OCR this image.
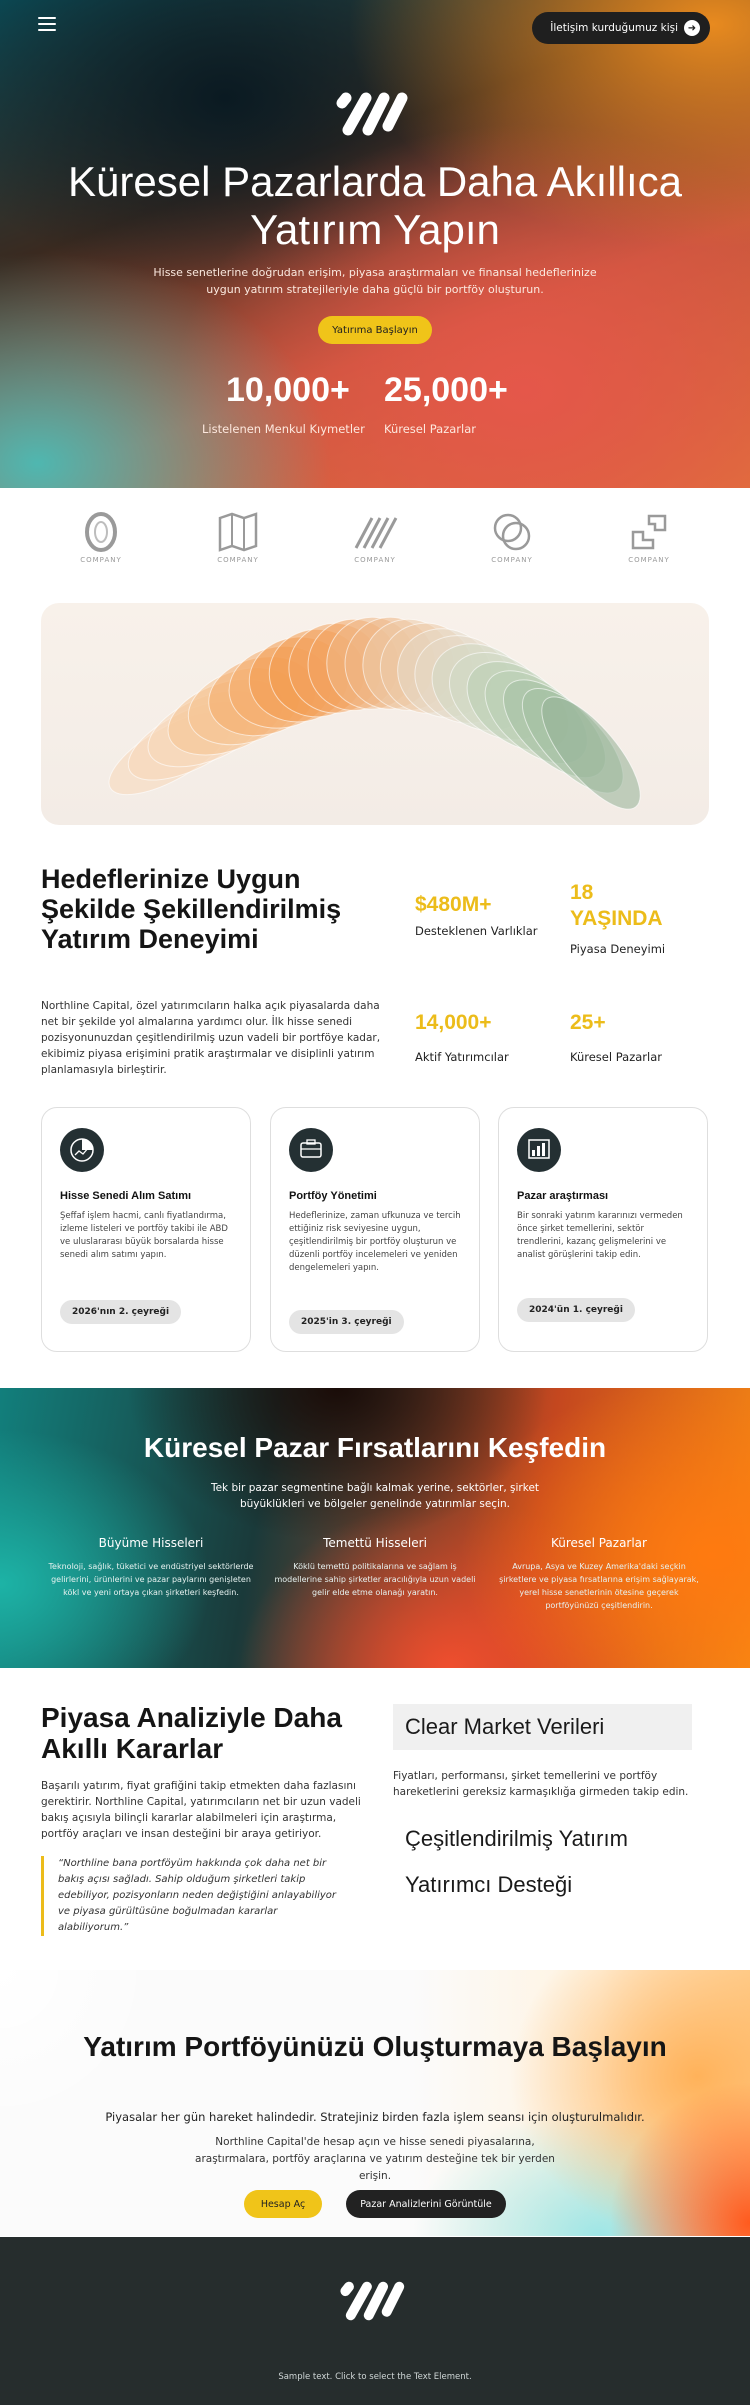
İletişim kurduğumuz kişi ➜
Küresel Pazarlarda Daha Akıllıca Yatırım Yapın

Hisse senetlerine doğrudan erişim, piyasa araştırmaları ve finansal hedeflerinize uygun yatırım stratejileriyle daha güçlü bir portföy oluşturun.

Yatırıma Başlayın
10,000+
Listelenen Menkul Kıymetler
25,000+
Küresel Pazarlar
COMPANY	COMPANY	COMPANY	COMPANY	COMPANY
Hedeflerinize Uygun Şekilde Şekillendirilmiş Yatırım Deneyimi

Northline Capital, özel yatırımcıların halka açık piyasalarda daha net bir şekilde yol almalarına yardımcı olur. İlk hisse senedi pozisyonunuzdan çeşitlendirilmiş uzun vadeli bir portföye kadar, ekibimiz piyasa erişimini pratik araştırmalar ve disiplinli yatırım planlamasıyla birleştirir.

$480M+
Desteklenen Varlıklar
18 YAŞINDA
Piyasa Deneyimi
14,000+
Aktif Yatırımcılar
25+
Küresel Pazarlar
Hisse Senedi Alım Satımı
Şeffaf işlem hacmi, canlı fiyatlandırma, izleme listeleri ve portföy takibi ile ABD ve uluslararası büyük borsalarda hisse senedi alım satımı yapın.
2026'nın 2. çeyreği
Portföy Yönetimi
Hedeflerinize, zaman ufkunuza ve tercih ettiğiniz risk seviyesine uygun, çeşitlendirilmiş bir portföy oluşturun ve düzenli portföy incelemeleri ve yeniden dengelemeleri yapın.
2025'in 3. çeyreği
Pazar araştırması
Bir sonraki yatırım kararınızı vermeden önce şirket temellerini, sektör trendlerini, kazanç gelişmelerini ve analist görüşlerini takip edin.
2024'ün 1. çeyreği
Küresel Pazar Fırsatlarını Keşfedin

Tek bir pazar segmentine bağlı kalmak yerine, sektörler, şirket büyüklükleri ve bölgeler genelinde yatırımlar seçin.

Büyüme Hisseleri
Teknoloji, sağlık, tüketici ve endüstriyel sektörlerde gelirlerini, ürünlerini ve pazar paylarını genişleten kökl ve yeni ortaya çıkan şirketleri keşfedin.
Temettü Hisseleri
Köklü temettü politikalarına ve sağlam iş modellerine sahip şirketler aracılığıyla uzun vadeli gelir elde etme olanağı yaratın.
Küresel Pazarlar
Avrupa, Asya ve Kuzey Amerika'daki seçkin şirketlere ve piyasa fırsatlarına erişim sağlayarak, yerel hisse senetlerinin ötesine geçerek portföyünüzü çeşitlendirin.
Piyasa Analiziyle Daha Akıllı Kararlar

Başarılı yatırım, fiyat grafiğini takip etmekten daha fazlasını gerektirir. Northline Capital, yatırımcıların net bir uzun vadeli bakış açısıyla bilinçli kararlar alabilmeleri için araştırma, portföy araçları ve insan desteğini bir araya getiriyor.

“Northline bana portföyüm hakkında çok daha net bir bakış açısı sağladı. Sahip olduğum şirketleri takip edebiliyor, pozisyonların neden değiştiğini anlayabiliyor ve piyasa gürültüsüne boğulmadan kararlar alabiliyorum.”
Clear Market Verileri

Fiyatları, performansı, şirket temellerini ve portföy hareketlerini gereksiz karmaşıklığa girmeden takip edin.

Çeşitlendirilmiş Yatırım
Yatırımcı Desteği
Yatırım Portföyünüzü Oluşturmaya Başlayın

Piyasalar her gün hareket halindedir. Stratejiniz birden fazla işlem seansı için oluşturulmalıdır.

Northline Capital'de hesap açın ve hisse senedi piyasalarına, araştırmalara, portföy araçlarına ve yatırım desteğine tek bir yerden erişin.

Hesap Aç	Pazar Analizlerini Görüntüle
Sample text. Click to select the Text Element.
